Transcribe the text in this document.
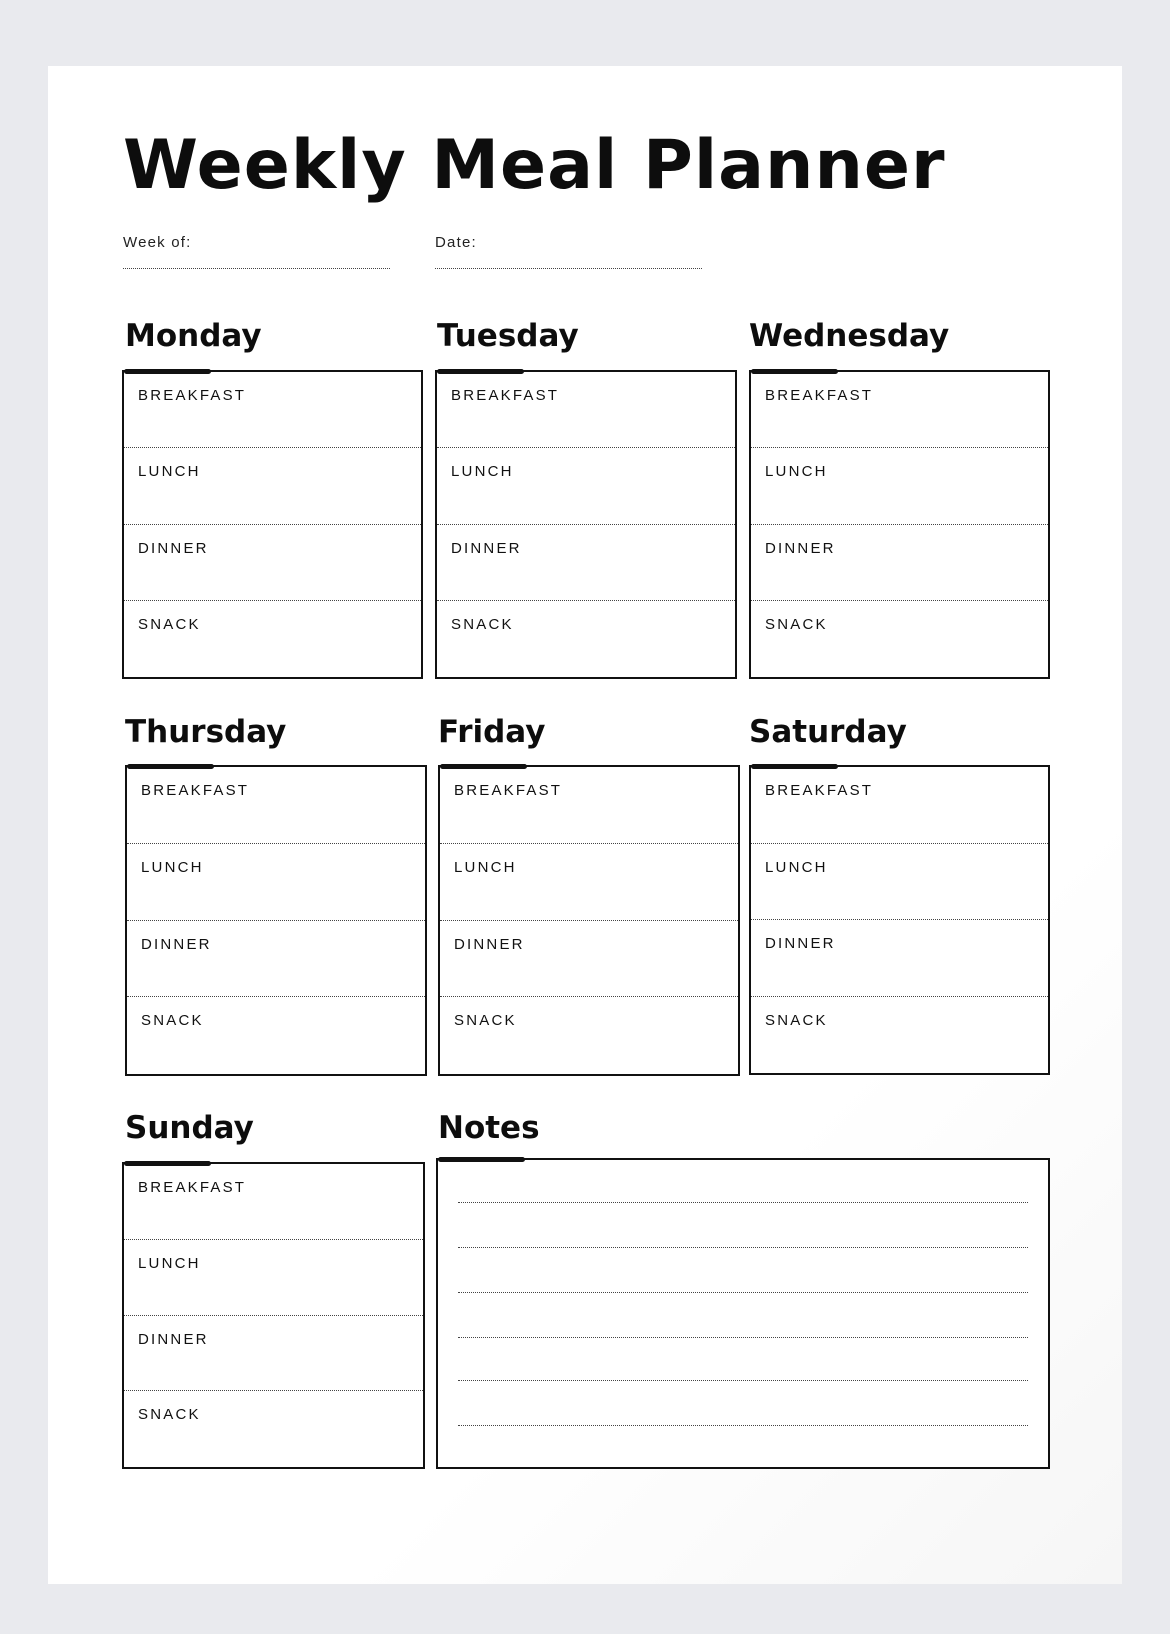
Weekly Meal Planner
Week of:	Date:
Monday
BREAKFAST
LUNCH
DINNER
SNACK
Tuesday
BREAKFAST
LUNCH
DINNER
SNACK
Wednesday
BREAKFAST
LUNCH
DINNER
SNACK
Thursday
BREAKFAST
LUNCH
DINNER
SNACK
Friday
BREAKFAST
LUNCH
DINNER
SNACK
Saturday
BREAKFAST
LUNCH
DINNER
SNACK
Sunday
BREAKFAST
LUNCH
DINNER
SNACK
Notes
